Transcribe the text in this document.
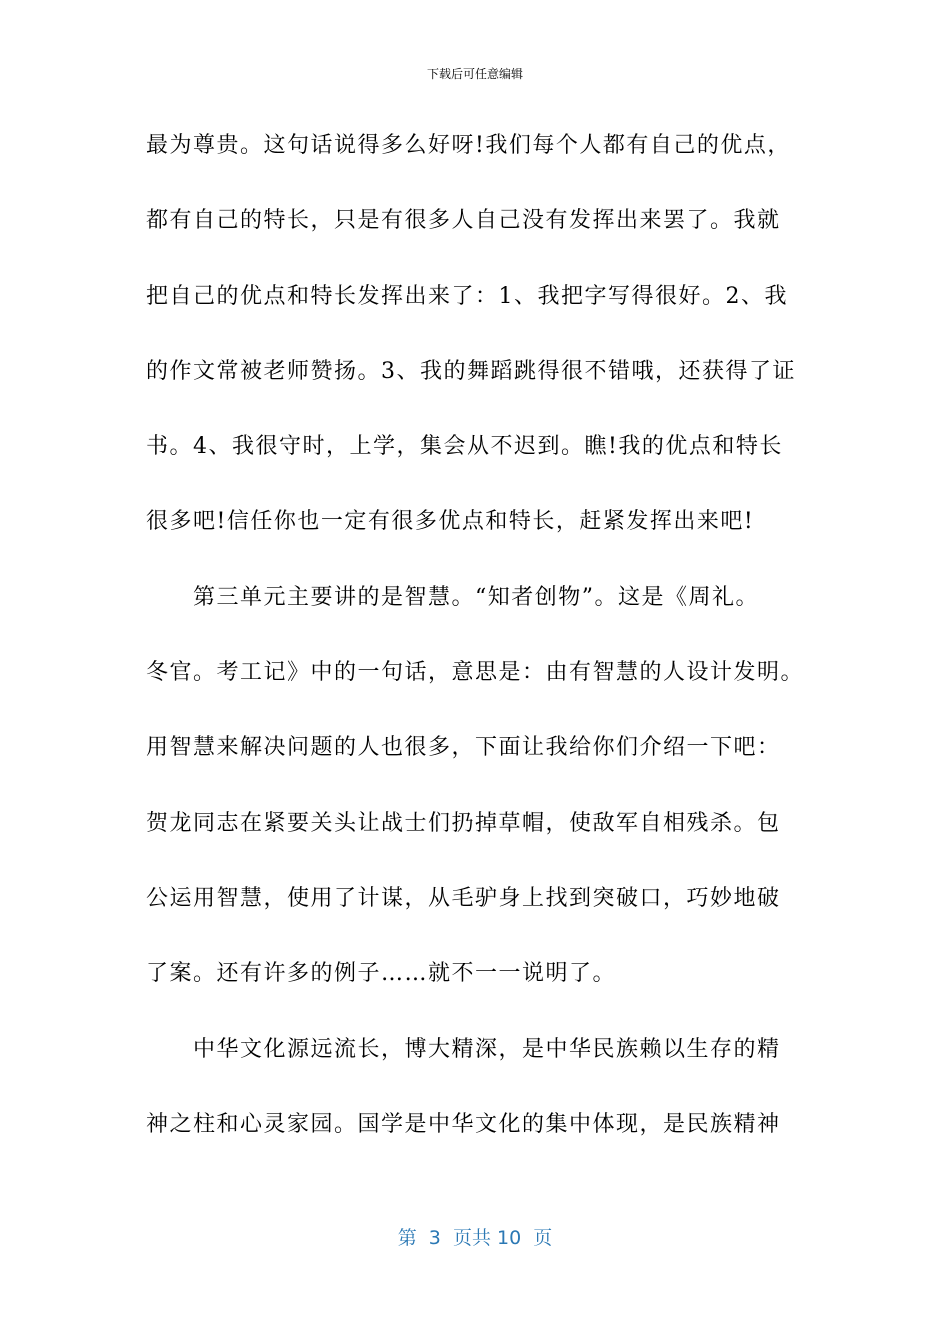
下载后可任意编辑
最为尊贵。这句话说得多么好呀!我们每个人都有自己的优点，
都有自己的特长，只是有很多人自己没有发挥出来罢了。我就
把自己的优点和特长发挥出来了：1、我把字写得很好。2、我
的作文常被老师赞扬。3、我的舞蹈跳得很不错哦，还获得了证
书。4、我很守时，上学，集会从不迟到。瞧!我的优点和特长
很多吧!信任你也一定有很多优点和特长，赶紧发挥出来吧!
第三单元主要讲的是智慧。“知者创物”。这是《周礼。
冬官。考工记》中的一句话，意思是：由有智慧的人设计发明。
用智慧来解决问题的人也很多，下面让我给你们介绍一下吧：
贺龙同志在紧要关头让战士们扔掉草帽，使敌军自相残杀。包
公运用智慧，使用了计谋，从毛驴身上找到突破口，巧妙地破
了案。还有许多的例子……就不一一说明了。
中华文化源远流长，博大精深，是中华民族赖以生存的精
神之柱和心灵家园。国学是中华文化的集中体现，是民族精神
第  3  页共 10  页
